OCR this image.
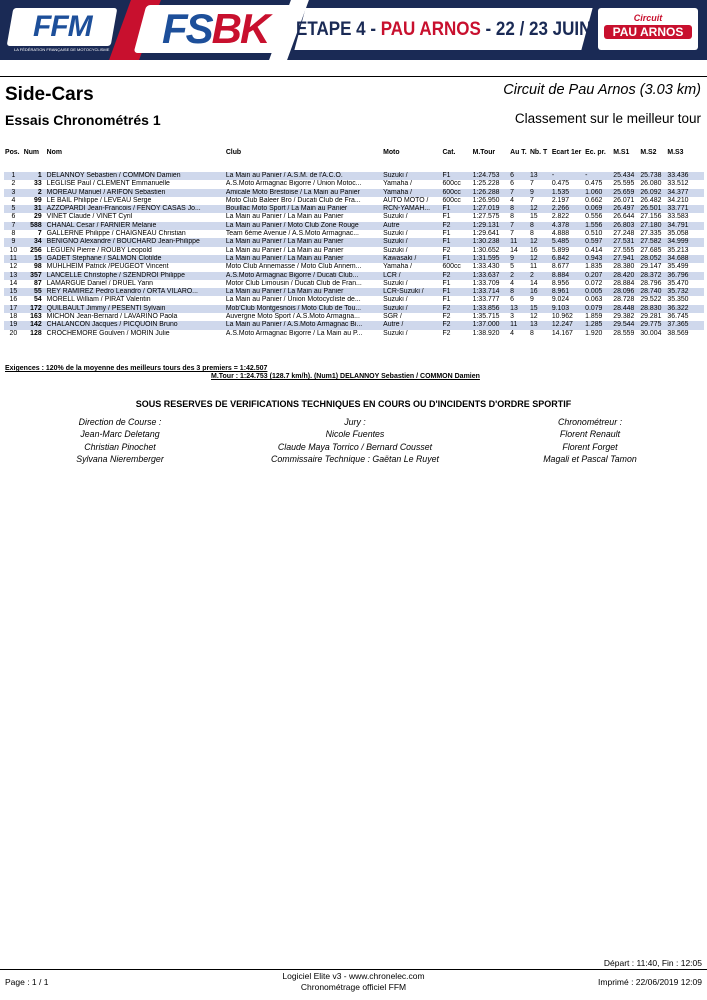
FFM
LA FÉDÉRATION FRANÇAISE DE MOTOCYCLISME FSBK ETAPE 4 - PAU ARNOS - 22 / 23 JUIN	Circuit
PAU ARNOS
Side-Cars	Circuit de Pau Arnos (3.03 km)
Essais Chronométrés 1	Classement sur le meilleur tour
Pos.	Num	Nom	Club	Moto	Cat.	M.Tour	Au T.	Nb. T	Ecart 1er	Ec. pr.	M.S1	M.S2	M.S3

1	1	DELANNOY Sebastien / COMMON Damien	La Main au Panier / A.S.M. de l'A.C.O.	Suzuki /	F1	1:24.753	6	13	-	-	25.434	25.738	33.436
2	33	LEGLISE Paul / CLEMENT Emmanuelle	A.S.Moto Armagnac Bigorre / Union Motoc...	Yamaha /	600cc	1:25.228	6	7	0.475	0.475	25.595	26.080	33.512
3	2	MOREAU Manuel / ARIFON Sebastien	Amicale Moto Brestoise / La Main au Panier	Yamaha /	600cc	1:26.288	7	9	1.535	1.060	25.659	26.092	34.377
4	99	LE BAIL Philippe / LEVEAU Serge	Moto Club Baleer Bro / Ducati Club de Fra...	AUTO MOTO /	600cc	1:26.950	4	7	2.197	0.662	26.071	26.482	34.210
5	31	AZZOPARDI Jean-Francois / FENOY CASAS Jo...	Bouillac Moto Sport / La Main au Panier	RCN-YAMAH...	F1	1:27.019	8	12	2.266	0.069	26.497	26.501	33.771
6	29	VINET Claude / VINET Cyril	La Main au Panier / La Main au Panier	Suzuki /	F1	1:27.575	8	15	2.822	0.556	26.644	27.156	33.583
7	588	CHANAL Cesar / FARNIER Melanie	La Main au Panier / Moto Club Zone Rouge	Autre	F2	1:29.131	7	8	4.378	1.556	26.803	27.180	34.791
8	7	GALLERNE Philippe / CHAIGNEAU Christian	Team 6ème Avenue / A.S.Moto Armagnac...	Suzuki /	F1	1:29.641	7	8	4.888	0.510	27.248	27.335	35.058
9	34	BENIGNO Alexandre / BOUCHARD Jean-Philippe	La Main au Panier / La Main au Panier	Suzuki /	F1	1:30.238	11	12	5.485	0.597	27.531	27.582	34.999
10	256	LEGUEN Pierre / ROUBY Leopold	La Main au Panier / La Main au Panier	Suzuki /	F2	1:30.652	14	16	5.899	0.414	27.555	27.685	35.213
11	15	GADET Stephane / SALMON Clotilde	La Main au Panier / La Main au Panier	Kawasaki /	F1	1:31.595	9	12	6.842	0.943	27.941	28.052	34.688
12	98	MUHLHEIM Patrick /PEUGEOT Vincent	Moto Club Annemasse / Moto Club Annem...	Yamaha /	600cc	1:33.430	5	11	8.677	1.835	28.380	29.147	35.499
13	357	LANCELLE Christophe / SZENDROI Philippe	A.S.Moto Armagnac Bigorre / Ducati Club...	LCR /	F2	1:33.637	2	2	8.884	0.207	28.420	28.372	36.796
14	87	LAMARGUE Daniel / DRUEL Yann	Motor Club Limousin / Ducati Club de Fran...	Suzuki /	F1	1:33.709	4	14	8.956	0.072	28.884	28.796	35.470
15	55	REY RAMIREZ Pedro Leandro / ORTA VILARO...	La Main au Panier / La Main au Panier	LCR-Suzuki /	F1	1:33.714	8	16	8.961	0.005	28.096	28.740	35.732
16	54	MORELL William / PIRAT Valentin	La Main au Panier / Union Motocycliste de...	Suzuki /	F1	1:33.777	6	9	9.024	0.063	28.728	29.522	35.350
17	172	QUILBAULT Jimmy / PESENTI Sylvain	Mob'Club Montgesnois / Moto Club de Tou...	Suzuki /	F2	1:33.856	13	15	9.103	0.079	28.448	28.830	36.322
18	163	MICHON Jean-Bernard / LAVARINO Paola	Auvergne Moto Sport / A.S.Moto Armagna...	SGR /	F2	1:35.715	3	12	10.962	1.859	29.382	29.281	36.745
19	142	CHALANCON Jacques / PICQUOIN Bruno	La Main au Panier / A.S.Moto Armagnac Bi...	Autre /	F2	1:37.000	11	13	12.247	1.285	29.544	29.775	37.365
20	128	CROCHEMORE Goulven / MORIN Julie	A.S.Moto Armagnac Bigorre / La Main au P...	Suzuki /	F2	1:38.920	4	8	14.167	1.920	28.559	30.004	38.569
Exigences : 120% de la moyenne des meilleurs tours des 3 premiers = 1:42.507
M.Tour : 1:24.753 (128.7 km/h). (Num1) DELANNOY Sebastien / COMMON Damien
SOUS RESERVES DE VERIFICATIONS TECHNIQUES EN COURS OU D'INCIDENTS D'ORDRE SPORTIF
Direction de Course :
Jean-Marc Deletang
Christian Pinochet
Sylvana Nieremberger
Jury :
Nicole Fuentes
Claude Maya Torrico / Bernard Cousset
Commissaire Technique : Gaëtan Le Ruyet
Chronométreur :
Florent Renault
Florent Forget
Magali et Pascal Tamon
Départ : 11:40, Fin : 12:05
Page : 1 / 1
Logiciel Elite v3 - www.chronelec.com
Chronométrage officiel FFM	Imprimé : 22/06/2019 12:09
